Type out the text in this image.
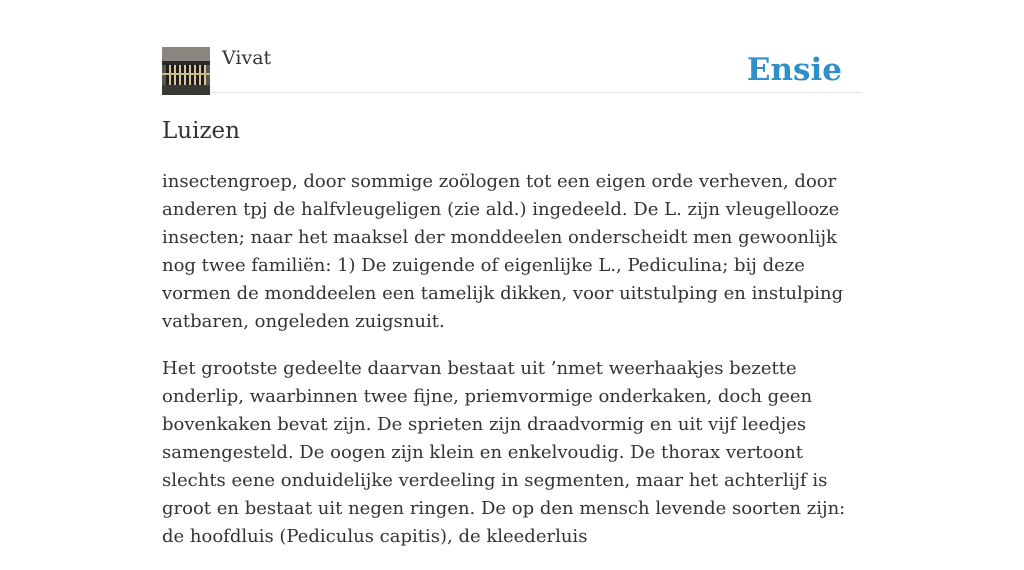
Vivat	Ensie
Luizen

insectengroep, door sommige zoölogen tot een eigen orde verheven, door anderen tpj de halfvleugeligen (zie ald.) ingedeeld. De L. zijn vleugellooze insecten; naar het maaksel der monddeelen onderscheidt men gewoonlijk nog twee familiën: 1) De zuigende of eigenlijke L., Pediculina; bij deze vormen de monddeelen een tamelijk dikken, voor uitstulping en instulping vatbaren, ongeleden zuigsnuit.

Het grootste gedeelte daarvan bestaat uit ’nmet weerhaakjes bezette onderlip, waarbinnen twee fijne, priemvormige onderkaken, doch geen bovenkaken bevat zijn. De sprieten zijn draadvormig en uit vijf leedjes samengesteld. De oogen zijn klein en enkelvoudig. De thorax vertoont slechts eene onduidelijke verdeeling in segmenten, maar het achterlijf is groot en bestaat uit negen ringen. De op den mensch levende soorten zijn: de hoofdluis (Pediculus capitis), de kleederluis
